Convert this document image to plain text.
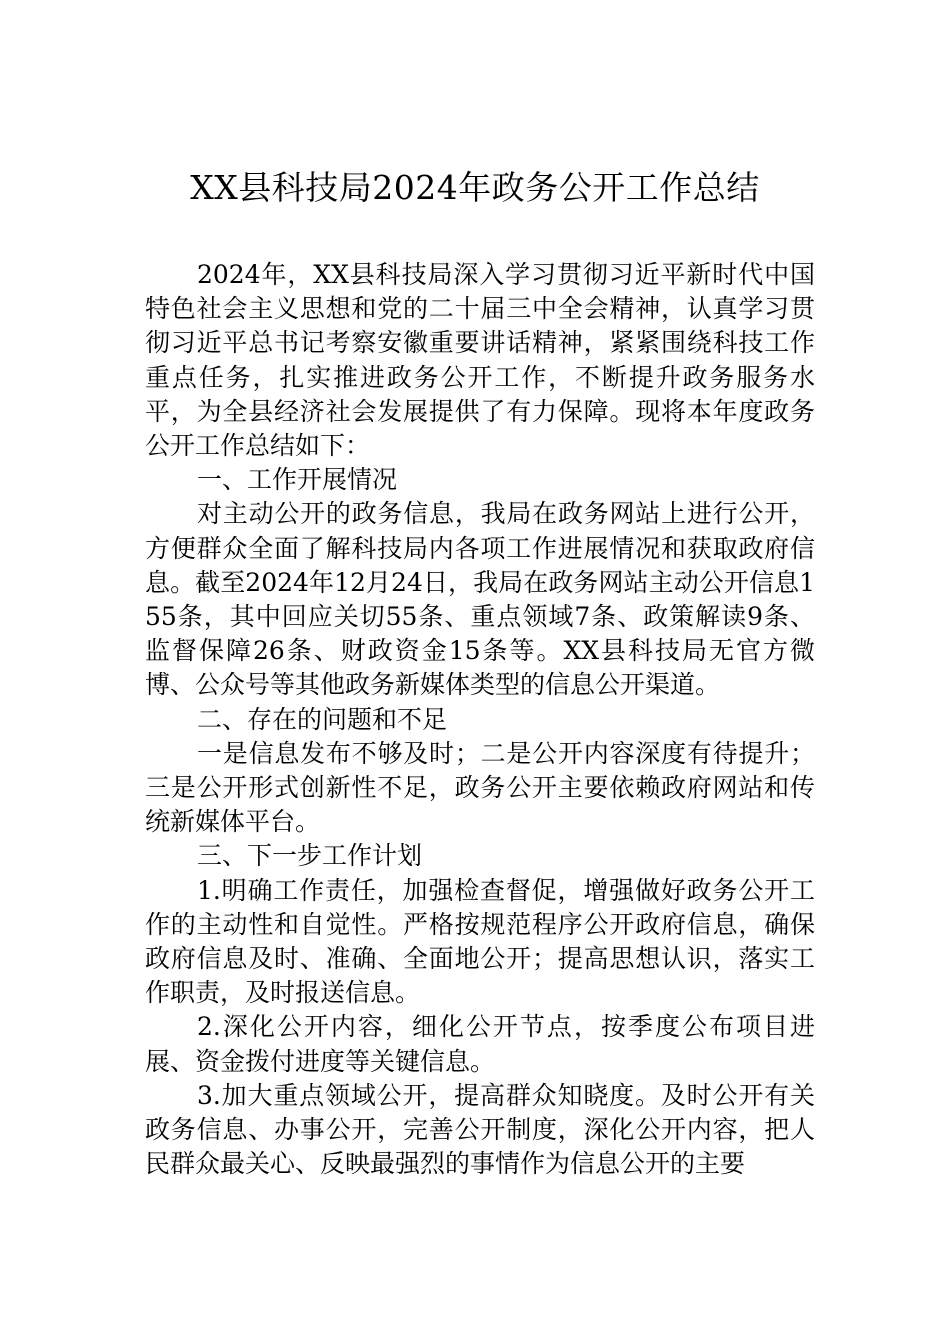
XX县科技局2024年政务公开工作总结

2024年，XX县科技局深入学习贯彻习近平新时代中国特色社会主义思想和党的二十届三中全会精神，认真学习贯彻习近平总书记考察安徽重要讲话精神，紧紧围绕科技工作重点任务，扎实推进政务公开工作，不断提升政务服务水平，为全县经济社会发展提供了有力保障。现将本年度政务公开工作总结如下：

一、工作开展情况

对主动公开的政务信息，我局在政务网站上进行公开，方便群众全面了解科技局内各项工作进展情况和获取政府信息。截至2024年12月24日，我局在政务网站主动公开信息155条，其中回应关切55条、重点领域7条、政策解读9条、监督保障26条、财政资金15条等。XX县科技局无官方微博、公众号等其他政务新媒体类型的信息公开渠道。

二、存在的问题和不足

一是信息发布不够及时；二是公开内容深度有待提升；三是公开形式创新性不足，政务公开主要依赖政府网站和传统新媒体平台。

三、下一步工作计划

1.明确工作责任，加强检查督促，增强做好政务公开工作的主动性和自觉性。严格按规范程序公开政府信息，确保政府信息及时、准确、全面地公开；提高思想认识，落实工作职责，及时报送信息。

2.深化公开内容，细化公开节点，按季度公布项目进展、资金拨付进度等关键信息。

3.加大重点领域公开，提高群众知晓度。及时公开有关政务信息、办事公开，完善公开制度，深化公开内容，把人民群众最关心、反映最强烈的事情作为信息公开的主要
